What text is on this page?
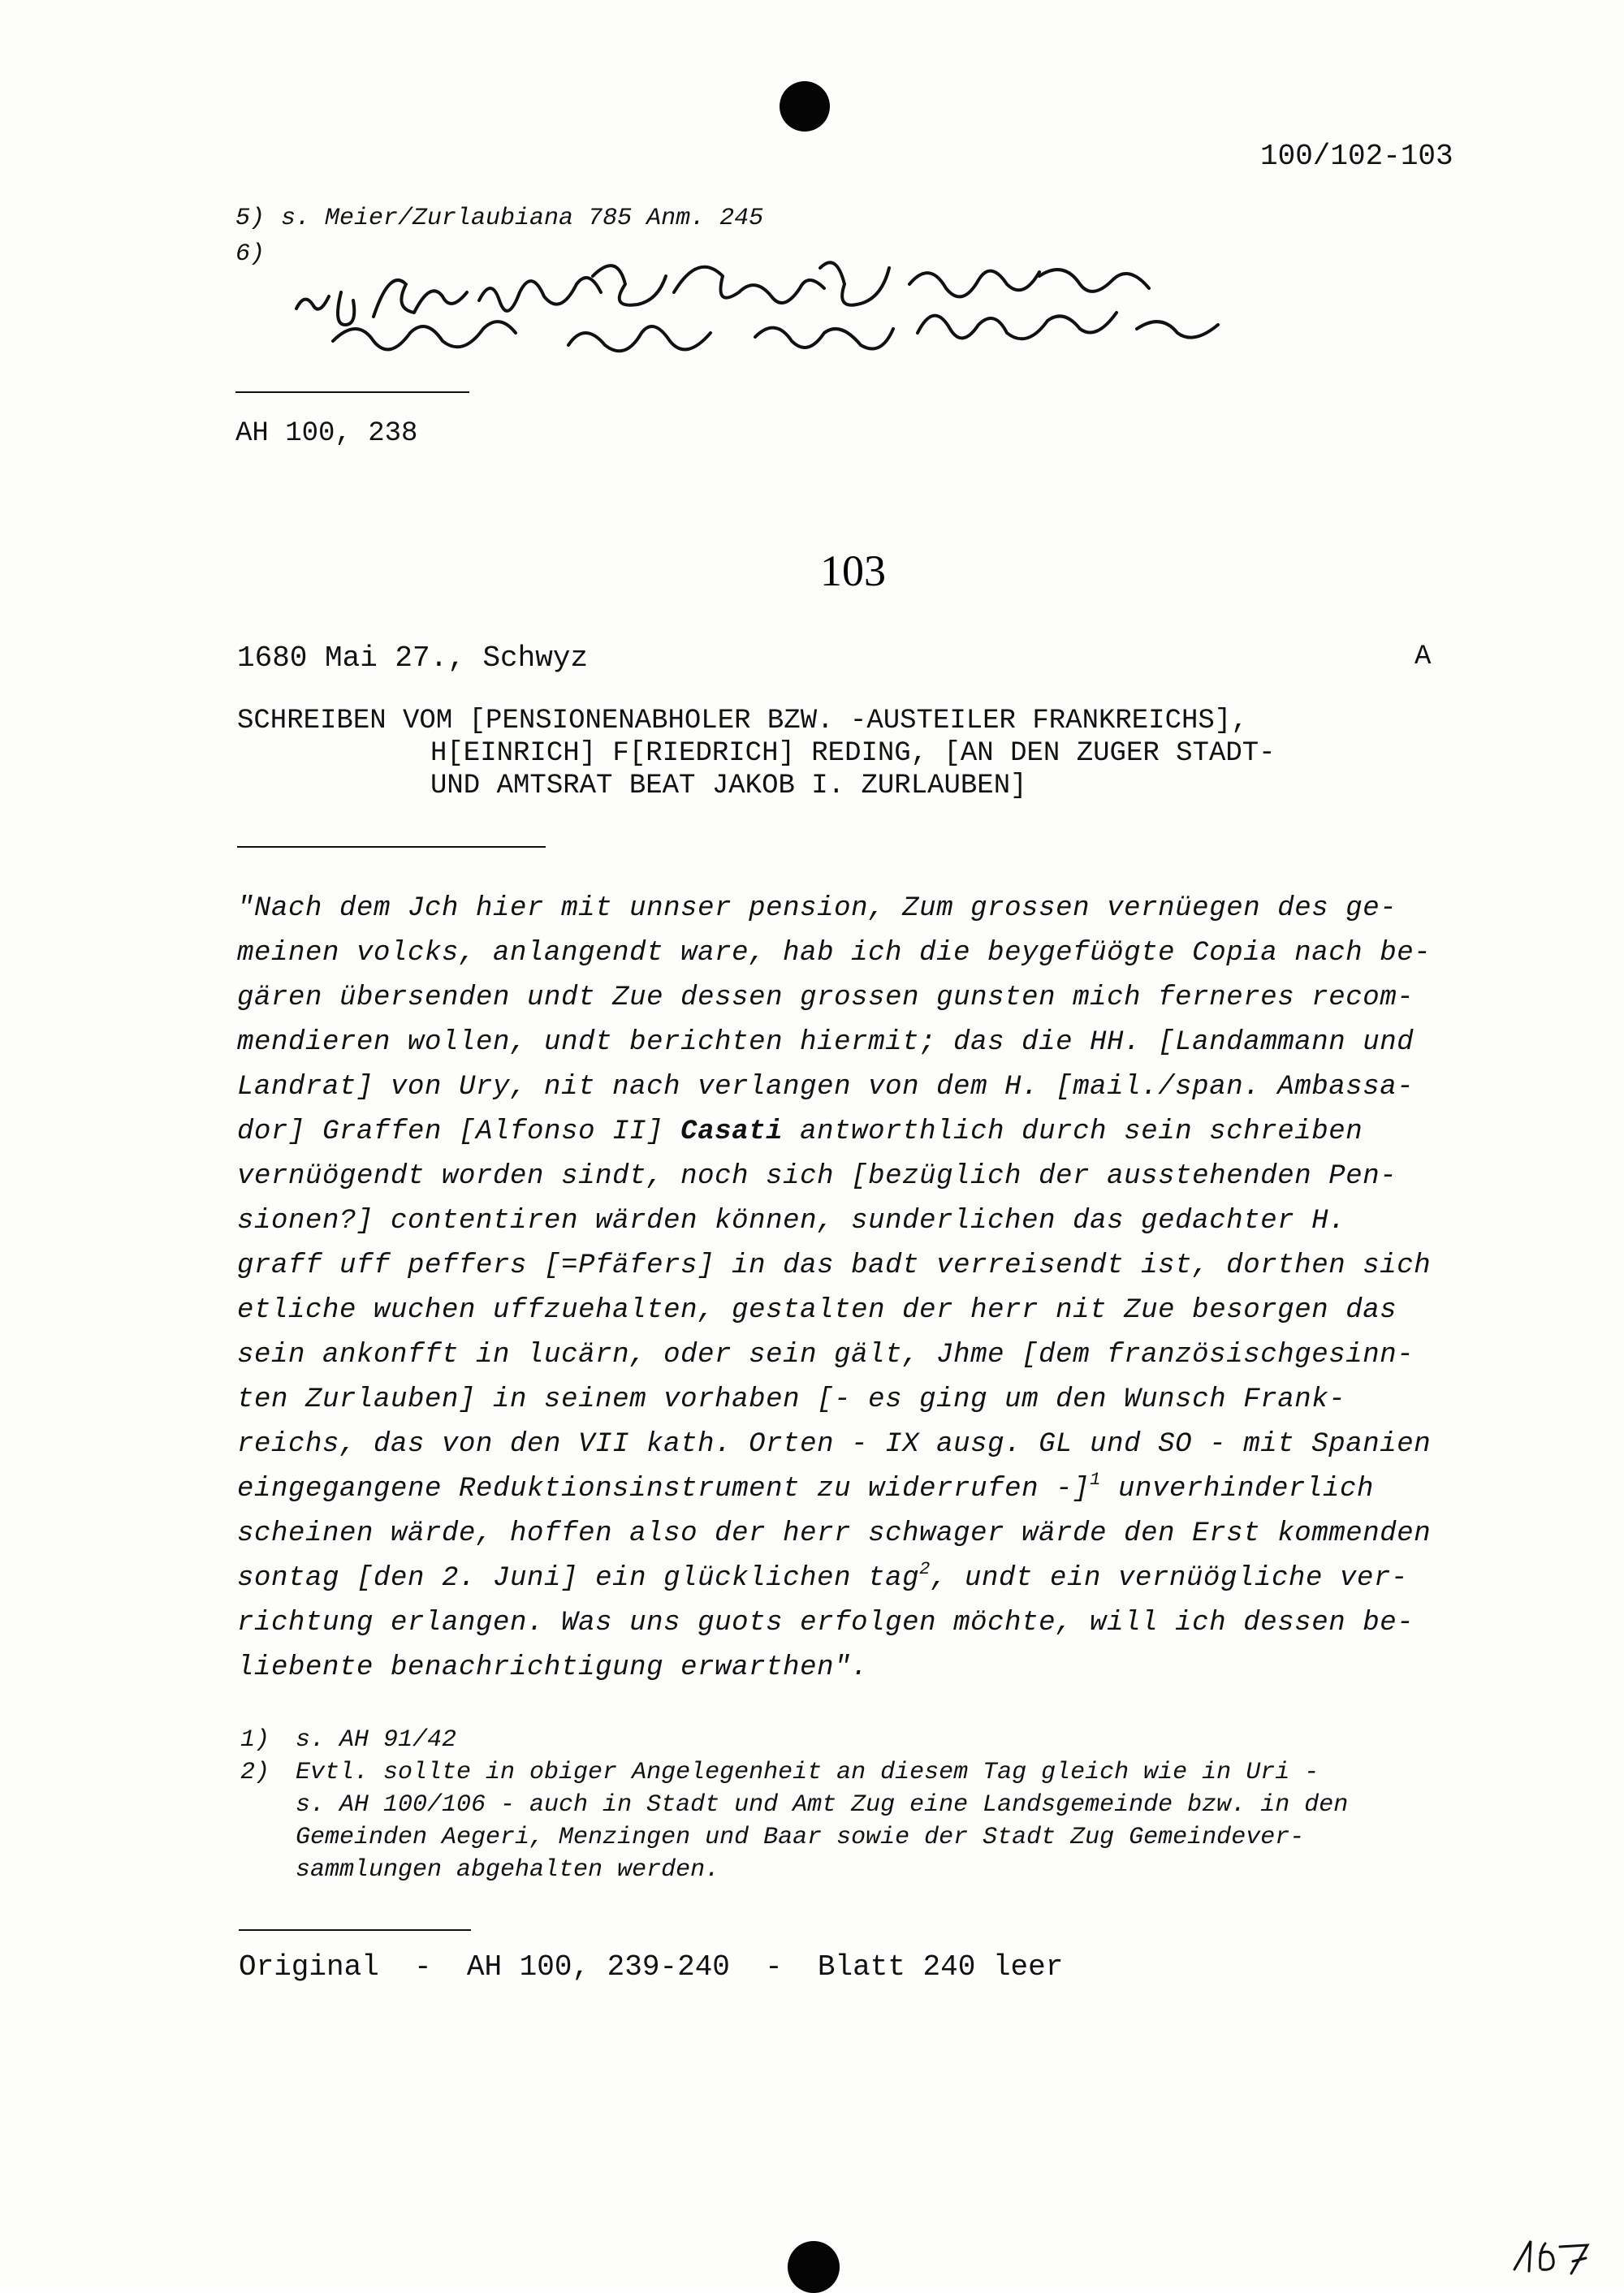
100/102-103
5) s. Meier/Zurlaubiana 785 Anm. 245
6)
AH 100, 238
103
1680 Mai 27., Schwyz	A
SCHREIBEN VOM [PENSIONENABHOLER BZW. -AUSTEILER FRANKREICHS],
H[EINRICH] F[RIEDRICH] REDING, [AN DEN ZUGER STADT-
UND AMTSRAT BEAT JAKOB I. ZURLAUBEN]
"Nach dem Jch hier mit unnser pension, Zum grossen vernüegen des ge-
meinen volcks, anlangendt ware, hab ich die beygefüögte Copia nach be-
gären übersenden undt Zue dessen grossen gunsten mich ferneres recom-
mendieren wollen, undt berichten hiermit; das die HH. [Landammann und
Landrat] von Ury, nit nach verlangen von dem H. [mail./span. Ambassa-
dor] Graffen [Alfonso II] Casati antworthlich durch sein schreiben
vernüögendt worden sindt, noch sich [bezüglich der ausstehenden Pen-
sionen?] contentiren wärden können, sunderlichen das gedachter H.
graff uff peffers [=Pfäfers] in das badt verreisendt ist, dorthen sich
etliche wuchen uffzuehalten, gestalten der herr nit Zue besorgen das
sein ankonfft in lucärn, oder sein gält, Jhme [dem französischgesinn-
ten Zurlauben] in seinem vorhaben [- es ging um den Wunsch Frank-
reichs, das von den VII kath. Orten - IX ausg. GL und SO - mit Spanien
eingegangene Reduktionsinstrument zu widerrufen -]$^1$ unverhinderlich
scheinen wärde, hoffen also der herr schwager wärde den Erst kommenden
sontag [den 2. Juni] ein glücklichen tag$^2$, undt ein vernüögliche ver-
richtung erlangen. Was uns guots erfolgen möchte, will ich dessen be-
liebente benachrichtigung erwarthen".
1) s. AH 91/42
2) Evtl. sollte in obiger Angelegenheit an diesem Tag gleich wie in Uri -
s. AH 100/106 - auch in Stadt und Amt Zug eine Landsgemeinde bzw. in den
Gemeinden Aegeri, Menzingen und Baar sowie der Stadt Zug Gemeindever-
sammlungen abgehalten werden.
Original  -  AH 100, 239-240  -  Blatt 240 leer
